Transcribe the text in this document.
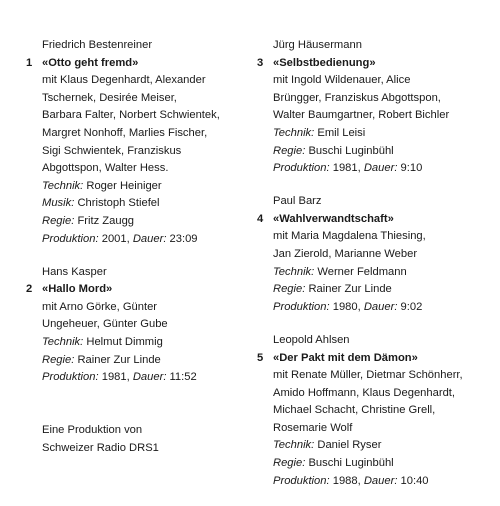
Friedrich Bestenreiner
1 «Otto geht fremd»
mit Klaus Degenhardt, Alexander
Tschernek, Desirée Meiser,
Barbara Falter, Norbert Schwientek,
Margret Nonhoff, Marlies Fischer,
Sigi Schwientek, Franziskus
Abgottspon, Walter Hess.
Technik : Roger Heiniger
Musik : Christoph Stiefel
Regie : Fritz Zaugg
Produktion : 2001, Dauer : 23:09
Hans Kasper
2 «Hallo Mord»
mit Arno Görke, Günter
Ungeheuer, Günter Gube
Technik : Helmut Dimmig
Regie : Rainer Zur Linde
Produktion : 1981, Dauer : 11:52
Jürg Häusermann
3 «Selbstbedienung»
mit Ingold Wildenauer, Alice
Brüngger, Franziskus Abgottspon,
Walter Baumgartner, Robert Bichler
Technik : Emil Leisi
Regie : Buschi Luginbühl
Produktion : 1981, Dauer : 9:10
Paul Barz
4 «Wahlverwandtschaft»
mit Maria Magdalena Thiesing,
Jan Zierold, Marianne Weber
Technik : Werner Feldmann
Regie : Rainer Zur Linde
Produktion : 1980, Dauer : 9:02
Leopold Ahlsen
5 «Der Pakt mit dem Dämon»
mit Renate Müller, Dietmar Schönherr,
Amido Hoffmann, Klaus Degenhardt,
Michael Schacht, Christine Grell,
Rosemarie Wolf
Technik : Daniel Ryser
Regie : Buschi Luginbühl
Produktion : 1988, Dauer : 10:40
Eine Produktion von
Schweizer Radio DRS1
